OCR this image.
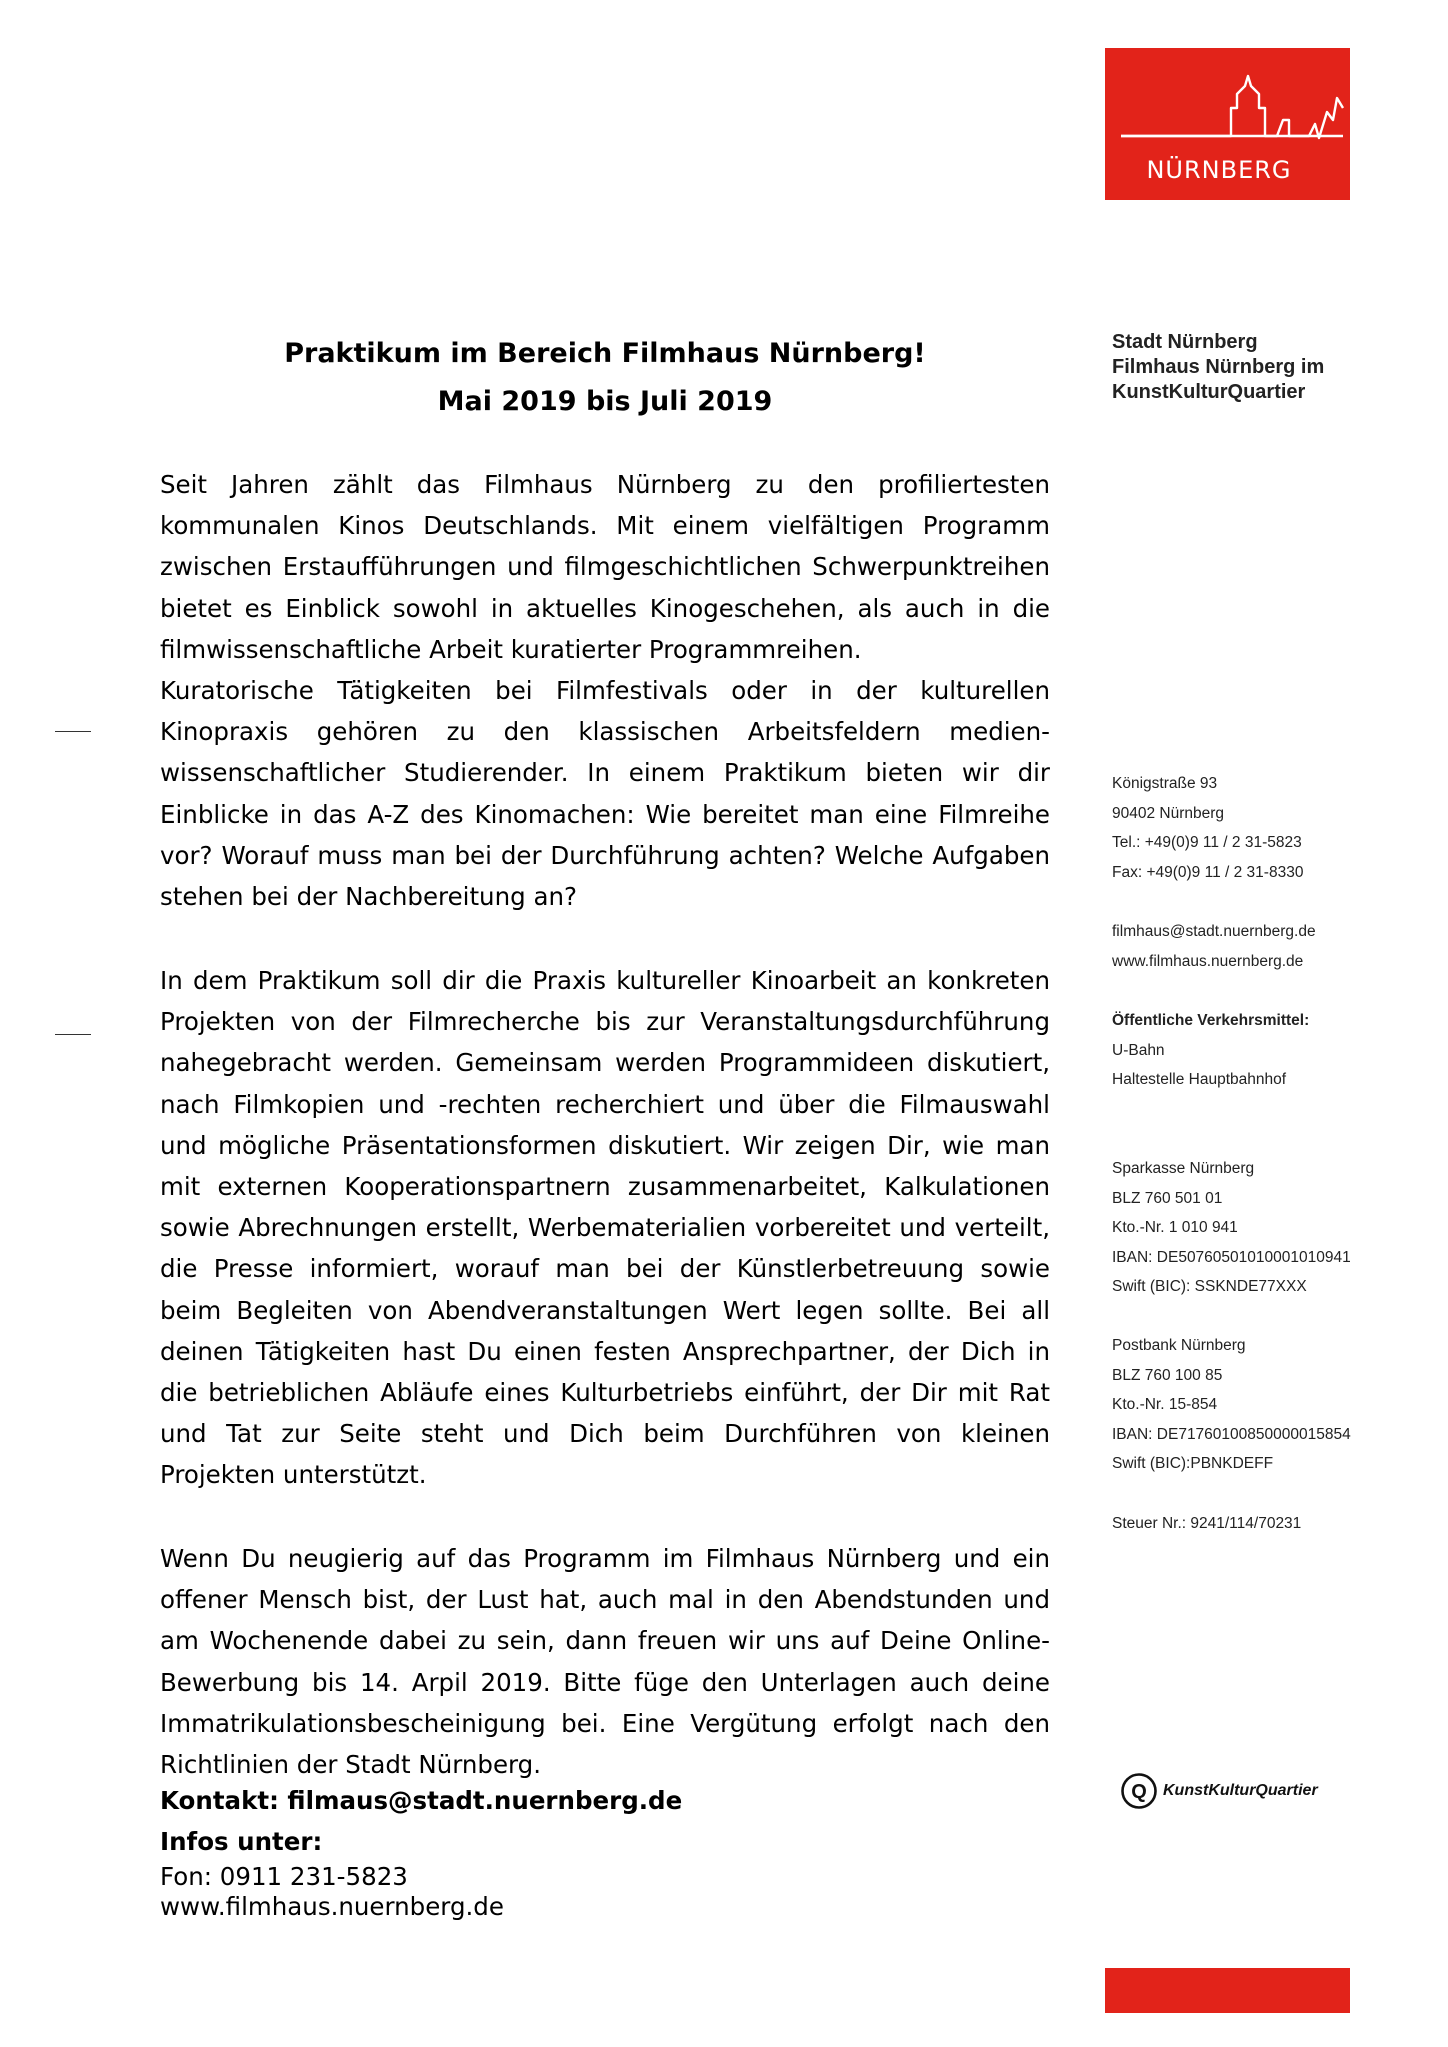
NÜRNBERG
Praktikum im Bereich Filmhaus Nürnberg!
Mai 2019 bis Juli 2019

Seit Jahren zählt das Filmhaus Nürnberg zu den profiliertesten kommunalen Kinos Deutschlands. Mit einem vielfältigen Programm zwischen Erstaufführungen und filmgeschichtlichen Schwerpunktreihen bietet es Einblick sowohl in aktuelles Kinogeschehen, als auch in die filmwissenschaftliche Arbeit kuratierter Programmreihen.

Kuratorische Tätigkeiten bei Filmfestivals oder in der kulturellen Kinopraxis gehören zu den klassischen Arbeitsfeldern medien-wissenschaftlicher Studierender. In einem Praktikum bieten wir dir Einblicke in das A-Z des Kinomachen: Wie bereitet man eine Filmreihe vor? Worauf muss man bei der Durchführung achten? Welche Aufgaben stehen bei der Nachbereitung an?

In dem Praktikum soll dir die Praxis kultureller Kinoarbeit an konkreten Projekten von der Filmrecherche bis zur Veranstaltungsdurchführung nahegebracht werden. Gemeinsam werden Programmideen diskutiert, nach Filmkopien und -rechten recherchiert und über die Filmauswahl und mögliche Präsentationsformen diskutiert. Wir zeigen Dir, wie man mit externen Kooperationspartnern zusammenarbeitet, Kalkulationen sowie Abrechnungen erstellt, Werbematerialien vorbereitet und verteilt, die Presse informiert, worauf man bei der Künstlerbetreuung sowie beim Begleiten von Abendveranstaltungen Wert legen sollte. Bei all deinen Tätigkeiten hast Du einen festen Ansprechpartner, der Dich in die betrieblichen Abläufe eines Kulturbetriebs einführt, der Dir mit Rat und Tat zur Seite steht und Dich beim Durchführen von kleinen Projekten unterstützt.

Wenn Du neugierig auf das Programm im Filmhaus Nürnberg und ein offener Mensch bist, der Lust hat, auch mal in den Abendstunden und am Wochenende dabei zu sein, dann freuen wir uns auf Deine Online-Bewerbung bis 14. Arpil 2019. Bitte füge den Unterlagen auch deine Immatrikulationsbescheinigung bei. Eine Vergütung erfolgt nach den Richtlinien der Stadt Nürnberg.

Kontakt: filmaus@stadt.nuernberg.de
Infos unter:
Fon: 0911 231-5823
www.filmhaus.nuernberg.de
Stadt Nürnberg
Filmhaus Nürnberg im
KunstKulturQuartier
Königstraße 93
90402 Nürnberg
Tel.: +49(0)9 11 / 2 31-5823
Fax: +49(0)9 11 / 2 31-8330
filmhaus@stadt.nuernberg.de
www.filmhaus.nuernberg.de
Öffentliche Verkehrsmittel:
U-Bahn
Haltestelle Hauptbahnhof
Sparkasse Nürnberg
BLZ 760 501 01
Kto.-Nr. 1 010 941
IBAN: DE50760501010001010941
Swift (BIC): SSKNDE77XXX
Postbank Nürnberg
BLZ 760 100 85
Kto.-Nr. 15-854
IBAN: DE71760100850000015854
Swift (BIC):PBNKDEFF
Steuer Nr.: 9241/114/70231
Q KunstKulturQuartier
